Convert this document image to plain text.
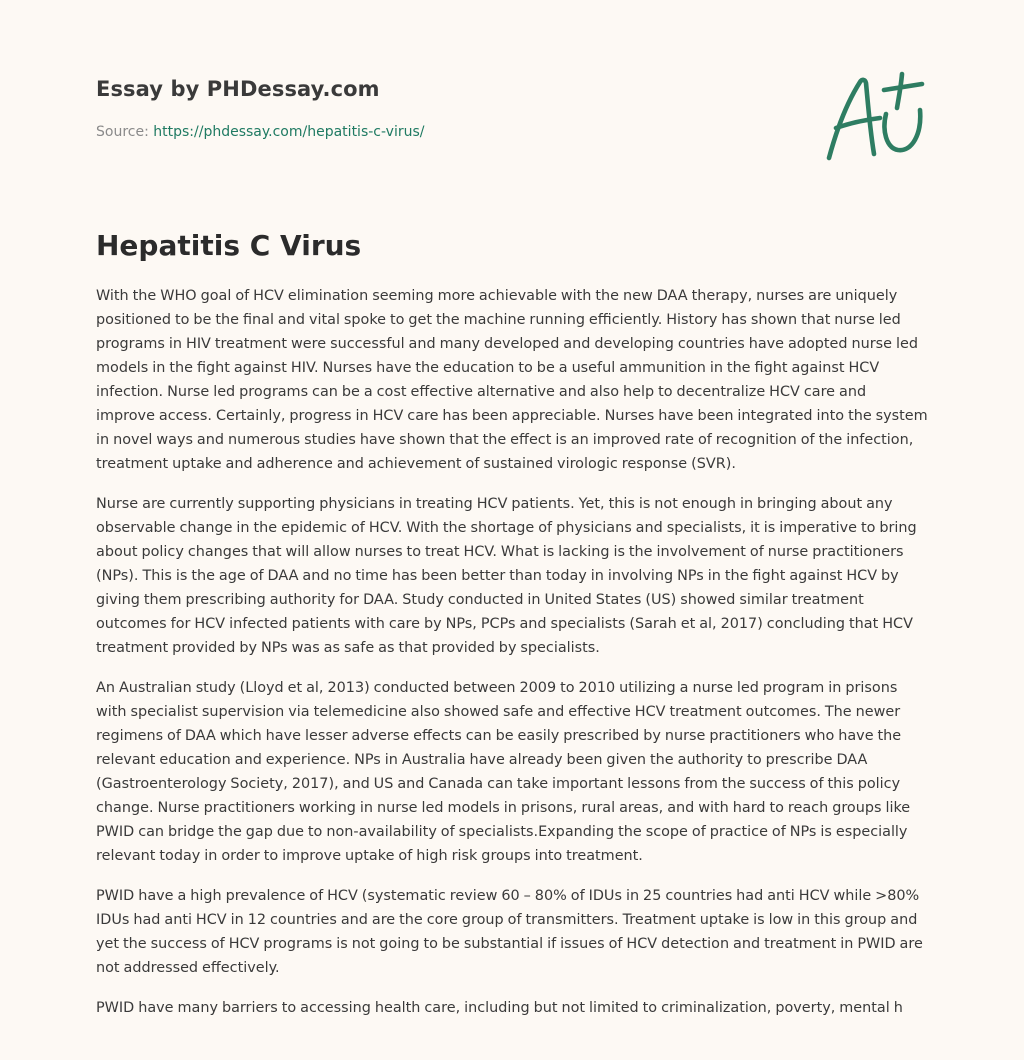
Essay by PHDessay.com
Source: https://phdessay.com/hepatitis-c-virus/
Hepatitis C Virus

With the WHO goal of HCV elimination seeming more achievable with the new DAA therapy, nurses are uniquely positioned to be the final and vital spoke to get the machine running efficiently. History has shown that nurse led programs in HIV treatment were successful and many developed and developing countries have adopted nurse led models in the fight against HIV. Nurses have the education to be a useful ammunition in the fight against HCV infection. Nurse led programs can be a cost effective alternative and also help to decentralize HCV care and improve access. Certainly, progress in HCV care has been appreciable. Nurses have been integrated into the system in novel ways and numerous studies have shown that the effect is an improved rate of recognition of the infection, treatment uptake and adherence and achievement of sustained virologic response (SVR).

Nurse are currently supporting physicians in treating HCV patients. Yet, this is not enough in bringing about any observable change in the epidemic of HCV. With the shortage of physicians and specialists, it is imperative to bring about policy changes that will allow nurses to treat HCV. What is lacking is the involvement of nurse practitioners (NPs). This is the age of DAA and no time has been better than today in involving NPs in the fight against HCV by giving them prescribing authority for DAA. Study conducted in United States (US) showed similar treatment outcomes for HCV infected patients with care by NPs, PCPs and specialists (Sarah et al, 2017) concluding that HCV treatment provided by NPs was as safe as that provided by specialists.

An Australian study (Lloyd et al, 2013) conducted between 2009 to 2010 utilizing a nurse led program in prisons with specialist supervision via telemedicine also showed safe and effective HCV treatment outcomes. The newer regimens of DAA which have lesser adverse effects can be easily prescribed by nurse practitioners who have the relevant education and experience. NPs in Australia have already been given the authority to prescribe DAA (Gastroenterology Society, 2017), and US and Canada can take important lessons from the success of this policy change. Nurse practitioners working in nurse led models in prisons, rural areas, and with hard to reach groups like PWID can bridge the gap due to non-availability of specialists.Expanding the scope of practice of NPs is especially relevant today in order to improve uptake of high risk groups into treatment.

PWID have a high prevalence of HCV (systematic review 60 – 80% of IDUs in 25 countries had anti HCV while >80% IDUs had anti HCV in 12 countries and are the core group of transmitters. Treatment uptake is low in this group and yet the success of HCV programs is not going to be substantial if issues of HCV detection and treatment in PWID are not addressed effectively.

PWID have many barriers to accessing health care, including but not limited to criminalization, poverty, mental h
